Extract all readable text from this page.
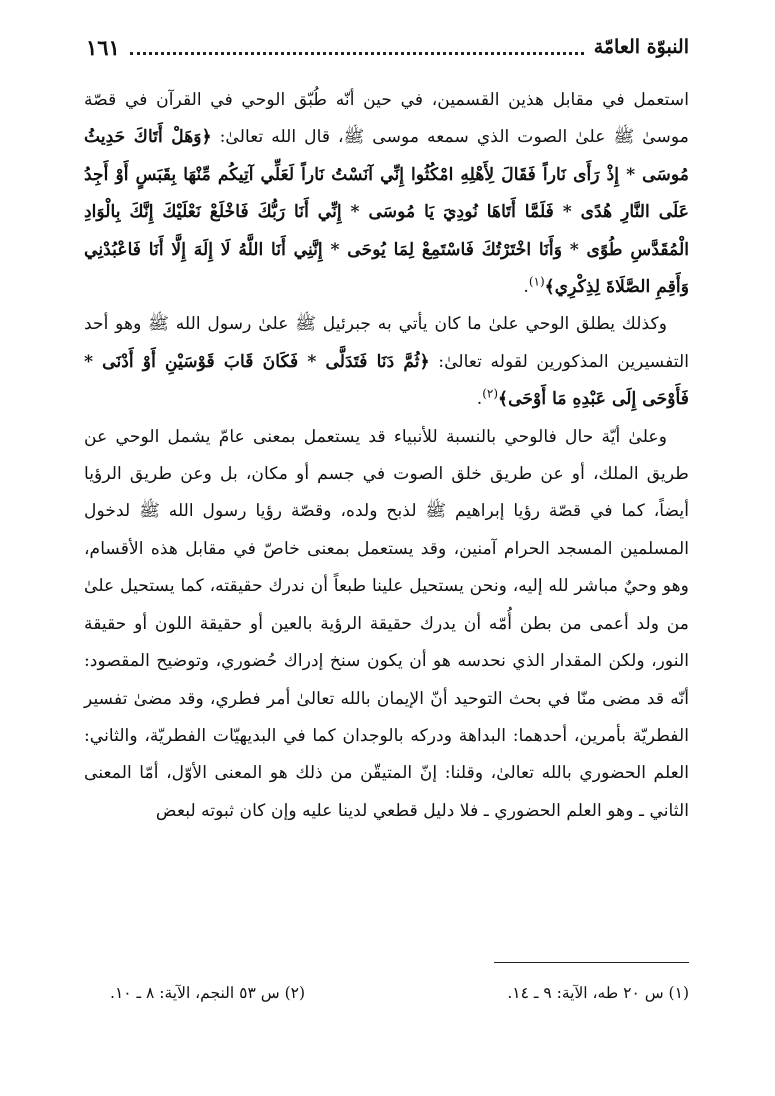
النبوّة العامّة
١٦١

استعمل في مقابل هذين القسمين، في حين أنّه طُبّق الوحي في القرآن في قصّة موسىٰ ﷺ علىٰ الصوت الذي سمعه موسى ﷺ، قال الله تعالىٰ: ﴿وَهَلْ أَتَاكَ حَدِيثُ مُوسَى * إِذْ رَأَى نَاراً فَقَالَ لِأَهْلِهِ امْكُثُوا إِنِّي آنَسْتُ نَاراً لَعَلِّي آتِيكُم مِّنْهَا بِقَبَسٍ أَوْ أَجِدُ عَلَى النَّارِ هُدًى * فَلَمَّا أَتَاهَا نُودِيَ يَا مُوسَى * إِنِّي أَنَا رَبُّكَ فَاخْلَعْ نَعْلَيْكَ إِنَّكَ بِالْوَادِ الْمُقَدَّسِ طُوًى * وَأَنَا اخْتَرْتُكَ فَاسْتَمِعْ لِمَا يُوحَى * إِنَّنِي أَنَا اللَّهُ لَا إِلَهَ إِلَّا أَنَا فَاعْبُدْنِي وَأَقِمِ الصَّلَاةَ لِذِكْرِي﴾$^{(١)}$.

وكذلك يطلق الوحي علىٰ ما كان يأتي به جبرئيل ﷺ علىٰ رسول الله ﷺ وهو أحد التفسيرين المذكورين لقوله تعالىٰ: ﴿ثُمَّ دَنَا فَتَدَلَّى * فَكَانَ قَابَ قَوْسَيْنِ أَوْ أَدْنَى * فَأَوْحَى إِلَى عَبْدِهِ مَا أَوْحَى﴾$^{(٢)}$.

وعلىٰ أيّة حال فالوحي بالنسبة للأنبياء قد يستعمل بمعنى عامّ يشمل الوحي عن طريق الملك، أو عن طريق خلق الصوت في جسم أو مكان، بل وعن طريق الرؤيا أيضاً، كما في قصّة رؤيا إبراهيم ﷺ لذبح ولده، وقصّة رؤيا رسول الله ﷺ لدخول المسلمين المسجد الحرام آمنين، وقد يستعمل بمعنى خاصّ في مقابل هذه الأقسام، وهو وحيٌ مباشر لله إليه، ونحن يستحيل علينا طبعاً أن ندرك حقيقته، كما يستحيل علىٰ من ولد أعمى من بطن أُمّه أن يدرك حقيقة الرؤية بالعين أو حقيقة اللون أو حقيقة النور، ولكن المقدار الذي نحدسه هو أن يكون سنخ إدراك حُضوري، وتوضيح المقصود: أنّه قد مضى منّا في بحث التوحيد أنّ الإيمان بالله تعالىٰ أمر فطري، وقد مضىٰ تفسير الفطريّة بأمرين، أحدهما: البداهة ودركه بالوجدان كما في البديهيّات الفطريّة، والثاني: العلم الحضوري بالله تعالىٰ، وقلنا: إنّ المتيقّن من ذلك هو المعنى الأوّل، أمّا المعنى الثاني ـ وهو العلم الحضوري ـ فلا دليل قطعي لدينا عليه وإن كان ثبوته لبعض

(١) س ٢٠ طه، الآية: ٩ ـ ١٤.
(٢) س ٥٣ النجم، الآية: ٨ ـ ١٠.
